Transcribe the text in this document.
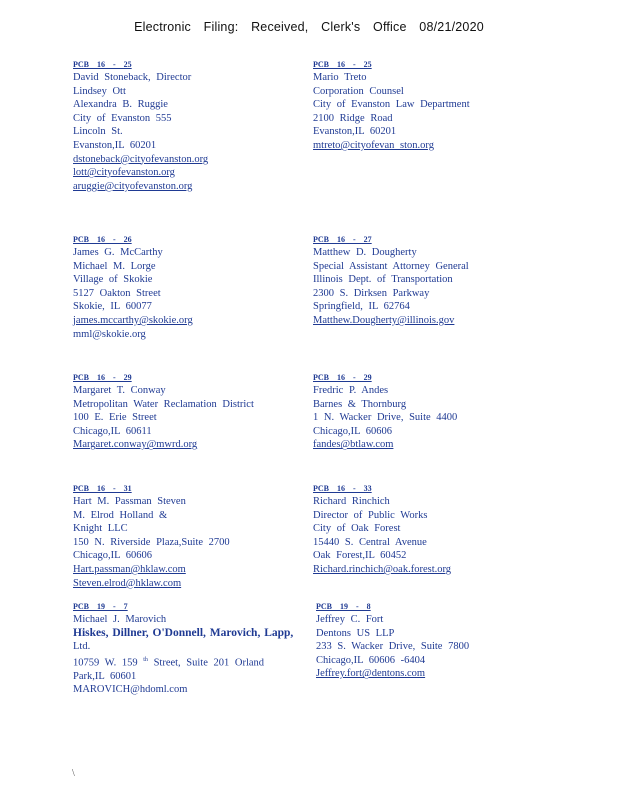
Electronic Filing: Received, Clerk's Office 08/21/2020
PCB 16 - 25
David Stoneback, Director
Lindsey Ott
Alexandra B. Ruggie
City of Evanston 555
Lincoln St.
Evanston,IL 60201
dstoneback@cityofevanston.org
lott@cityofevanston.org
aruggie@cityofevanston.org
PCB 16 - 25
Mario Treto
Corporation Counsel
City of Evanston Law Department
2100 Ridge Road
Evanston,IL 60201
mtreto@cityofevan ston.org
PCB 16 - 26
James G. McCarthy
Michael M. Lorge
Village of Skokie
5127 Oakton Street
Skokie, IL 60077
james.mccarthy@skokie.org
mml@skokie.org
PCB 16 - 27
Matthew D. Dougherty
Special Assistant Attorney General
Illinois Dept. of Transportation
2300 S. Dirksen Parkway
Springfield, IL 62764
Matthew.Dougherty@illinois.gov
PCB 16 - 29
Margaret T. Conway
Metropolitan Water Reclamation District
100 E. Erie Street
Chicago,IL 60611
Margaret.conway@mwrd.org
PCB 16 - 29
Fredric P. Andes
Barnes & Thornburg
1 N. Wacker Drive, Suite 4400
Chicago,IL 60606
fandes@btlaw.com
PCB 16 - 31
Hart M. Passman Steven
M. Elrod Holland &
Knight LLC
150 N. Riverside Plaza,Suite 2700
Chicago,IL 60606
Hart.passman@hklaw.com
Steven.elrod@hklaw.com
PCB 16 - 33
Richard Rinchich
Director of Public Works
City of Oak Forest
15440 S. Central Avenue
Oak Forest,IL 60452
Richard.rinchich@oak.forest.org
PCB 19 - 7
Michael J. Marovich
Hiskes, Dillner, O'Donnell, Marovich, Lapp,
Ltd.
10759 W. 159 $^{th}$ Street, Suite 201 Orland
Park,IL 60601
MAROVICH@hdoml.com
PCB 19 - 8
Jeffrey C. Fort
Dentons US LLP
233 S. Wacker Drive, Suite 7800
Chicago,IL 60606 -6404
Jeffrey.fort@dentons.com
\
